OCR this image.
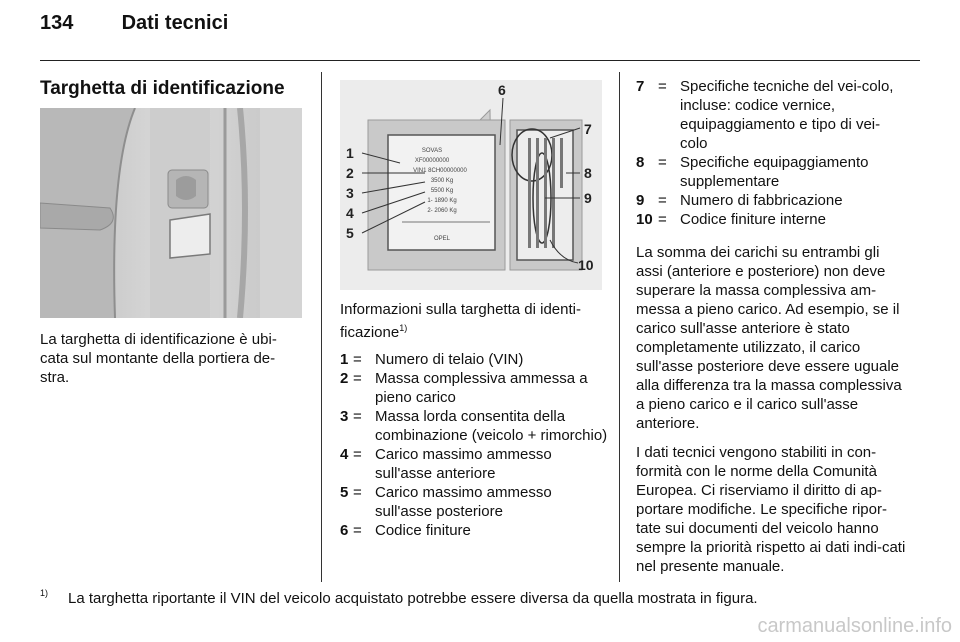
134 Dati tecnici
Targhetta di identificazione
La targhetta di identificazione è ubi-cata sul montante della portiera de-stra.
SOVAS
XF00000000
VIN1 8CH00000000
3500 Kg
5500 Kg
1- 1890 Kg
2- 2060 Kg
OPEL
1
2
3
4
5
6
7
8
9
10
Informazioni sulla targhetta di identi-ficazione$^{1)}$
1 = Numero di telaio (VIN)
2 = Massa complessiva ammessa a pieno carico
3 = Massa lorda consentita della combinazione (veicolo + rimorchio)
4 = Carico massimo ammesso sull'asse anteriore
5 = Carico massimo ammesso sull'asse posteriore
6 = Codice finiture
7 = Specifiche tecniche del vei-colo, incluse: codice vernice, equipaggiamento e tipo di vei-colo
8 = Specifiche equipaggiamento supplementare
9 = Numero di fabbricazione
10 = Codice finiture interne

La somma dei carichi su entrambi gli assi (anteriore e posteriore) non deve superare la massa complessiva am-messa a pieno carico. Ad esempio, se il carico sull'asse anteriore è stato completamente utilizzato, il carico sull'asse posteriore deve essere uguale alla differenza tra la massa complessiva a pieno carico e il carico sull'asse anteriore.

I dati tecnici vengono stabiliti in con-formità con le norme della Comunità Europea. Ci riserviamo il diritto di ap-portare modifiche. Le specifiche ripor-tate sui documenti del veicolo hanno sempre la priorità rispetto ai dati indi-cati nel presente manuale.

$^{1)}$ La targhetta riportante il VIN del veicolo acquistato potrebbe essere diversa da quella mostrata in figura.
carmanualsonline.info
